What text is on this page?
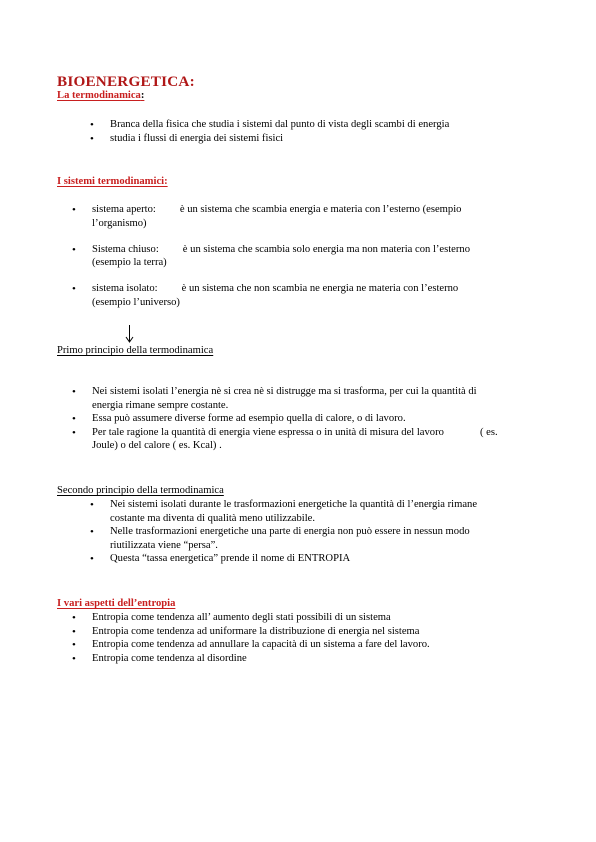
BIOENERGETICA:
La termodinamica:
• Branca della fisica che studia i sistemi dal punto di vista degli scambi di energia
• studia i flussi di energia dei sistemi fisici
I sistemi termodinamici:
• sistema aperto: è un sistema che scambia energia e materia con l’esterno (esempio
l’organismo)
• Sistema chiuso: è un sistema che scambia solo energia ma non materia con l’esterno
(esempio la terra)
• sistema isolato: è un sistema che non scambia ne energia ne materia con l’esterno
(esempio l’universo)
Primo principio della termodinamica
• Nei sistemi isolati l’energia nè si crea nè si distrugge ma si trasforma, per cui la quantità di
energia rimane sempre costante.
• Essa può assumere diverse forme ad esempio quella di calore, o di lavoro.
• Per tale ragione la quantità di energia viene espressa o in unità di misura del lavoro	( es.
Joule) o del calore ( es. Kcal) .
Secondo principio della termodinamica
• Nei sistemi isolati durante le trasformazioni energetiche la quantità di l’energia rimane
costante ma diventa di qualità meno utilizzabile.
• Nelle trasformazioni energetiche una parte di energia non può essere in nessun modo
riutilizzata viene “persa”.
• Questa “tassa energetica” prende il nome di ENTROPIA
I vari aspetti dell’entropia
• Entropia come tendenza all’ aumento degli stati possibili di un sistema
• Entropia come tendenza ad uniformare la distribuzione di energia nel sistema
• Entropia come tendenza ad annullare la capacità di un sistema a fare del lavoro.
• Entropia come tendenza al disordine
